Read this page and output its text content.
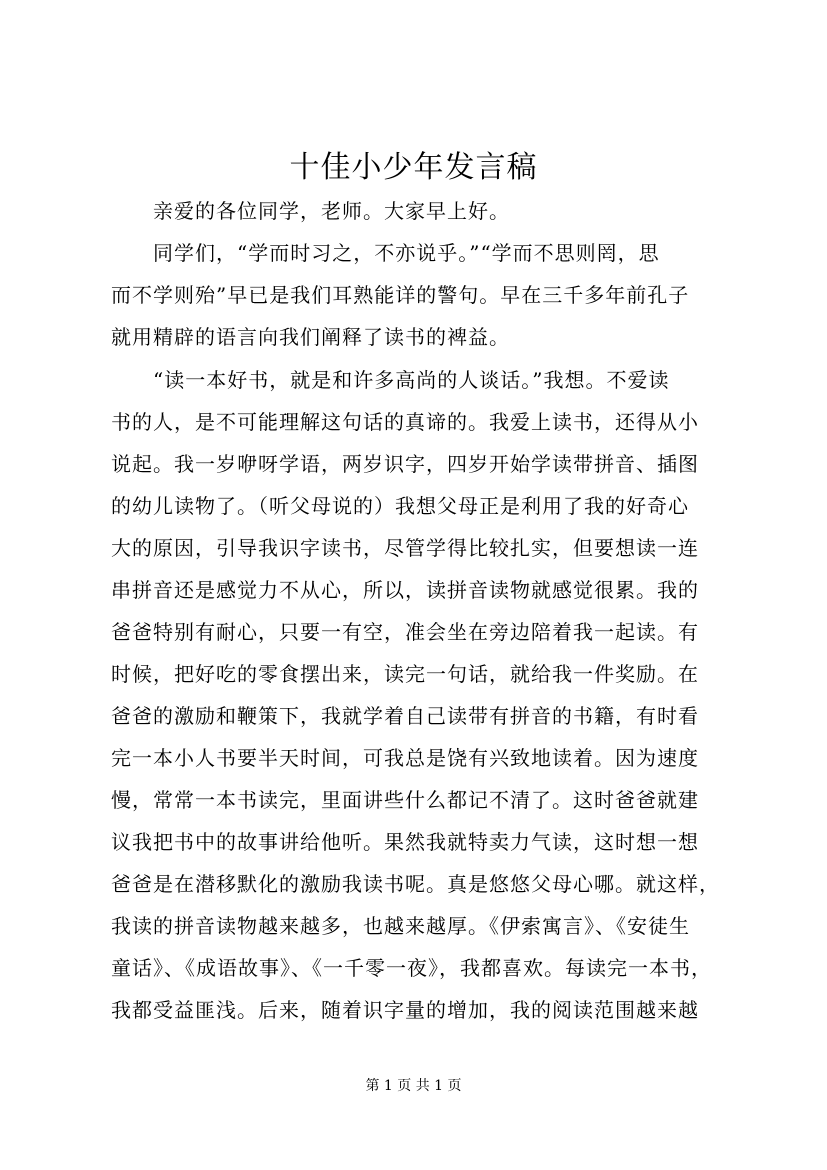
十佳小少年发言稿
　　亲爱的各位同学，老师。大家早上好。
　　同学们，“学而时习之，不亦说乎。”“学而不思则罔，思
而不学则殆”早已是我们耳熟能详的警句。早在三千多年前孔子
就用精辟的语言向我们阐释了读书的裨益。
　　“读一本好书，就是和许多高尚的人谈话。”我想。不爱读
书的人，是不可能理解这句话的真谛的。我爱上读书，还得从小
说起。我一岁咿呀学语，两岁识字，四岁开始学读带拼音、插图
的幼儿读物了。（听父母说的）我想父母正是利用了我的好奇心
大的原因，引导我识字读书，尽管学得比较扎实，但要想读一连
串拼音还是感觉力不从心，所以，读拼音读物就感觉很累。我的
爸爸特别有耐心，只要一有空，准会坐在旁边陪着我一起读。有
时候，把好吃的零食摆出来，读完一句话，就给我一件奖励。在
爸爸的激励和鞭策下，我就学着自己读带有拼音的书籍，有时看
完一本小人书要半天时间，可我总是饶有兴致地读着。因为速度
慢，常常一本书读完，里面讲些什么都记不清了。这时爸爸就建
议我把书中的故事讲给他听。果然我就特卖力气读，这时想一想
爸爸是在潜移默化的激励我读书呢。真是悠悠父母心哪。就这样，
我读的拼音读物越来越多，也越来越厚。《伊索寓言》、《安徒生
童话》、《成语故事》、《一千零一夜》，我都喜欢。每读完一本书，
我都受益匪浅。后来，随着识字量的增加，我的阅读范围越来越
第 1 页 共 1 页
